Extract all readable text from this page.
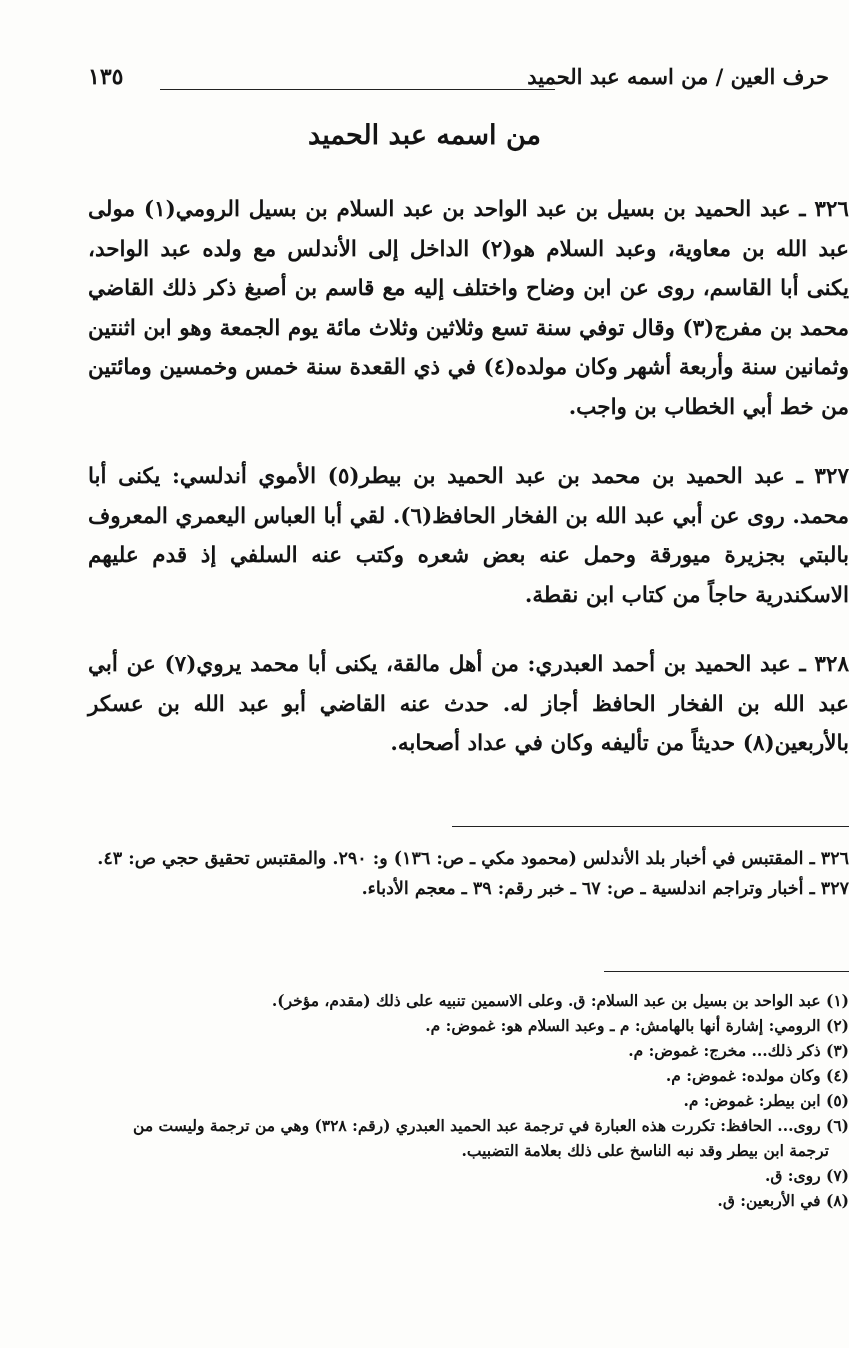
حرف العين / من اسمه عبد الحميد
١٣٥
من اسمه عبد الحميد

٣٢٦ ـ عبد الحميد بن بسيل بن عبد الواحد بن عبد السلام بن بسيل الرومي(١) مولى عبد الله بن معاوية، وعبد السلام هو(٢) الداخل إلى الأندلس مع ولده عبد الواحد، يكنى أبا القاسم، روى عن ابن وضاح واختلف إليه مع قاسم بن أصبغ ذكر ذلك القاضي محمد بن مفرج(٣) وقال توفي سنة تسع وثلاثين وثلاث مائة يوم الجمعة وهو ابن اثنتين وثمانين سنة وأربعة أشهر وكان مولده(٤) في ذي القعدة سنة خمس وخمسين ومائتين من خط أبي الخطاب بن واجب.

٣٢٧ ـ عبد الحميد بن محمد بن عبد الحميد بن بيطر(٥) الأموي أندلسي: يكنى أبا محمد. روى عن أبي عبد الله بن الفخار الحافظ(٦). لقي أبا العباس اليعمري المعروف بالبتي بجزيرة ميورقة وحمل عنه بعض شعره وكتب عنه السلفي إذ قدم عليهم الاسكندرية حاجاً من كتاب ابن نقطة.

٣٢٨ ـ عبد الحميد بن أحمد العبدري: من أهل مالقة، يكنى أبا محمد يروي(٧) عن أبي عبد الله بن الفخار الحافظ أجاز له. حدث عنه القاضي أبو عبد الله بن عسكر بالأربعين(٨) حديثاً من تأليفه وكان في عداد أصحابه.

٣٢٦ ـ المقتبس في أخبار بلد الأندلس (محمود مكي ـ ص: ١٣٦) و: ٢٩٠. والمقتبس تحقيق حجي ص: ٤٣.

٣٢٧ ـ أخبار وتراجم اندلسية ـ ص: ٦٧ ـ خبر رقم: ٣٩ ـ معجم الأدباء.

(١) عبد الواحد بن بسيل بن عبد السلام: ق. وعلى الاسمين تنبيه على ذلك (مقدم، مؤخر).

(٢) الرومي: إشارة أنها بالهامش: م ـ وعبد السلام هو: غموض: م.

(٣) ذكر ذلك... مخرج: غموض: م.

(٤) وكان مولده: غموض: م.

(٥) ابن بيطر: غموض: م.

(٦) روى... الحافظ: تكررت هذه العبارة في ترجمة عبد الحميد العبدري (رقم: ٣٢٨) وهي من ترجمة وليست من ترجمة ابن بيطر وقد نبه الناسخ على ذلك بعلامة التضبيب.

(٧) روى: ق.

(٨) في الأربعين: ق.
